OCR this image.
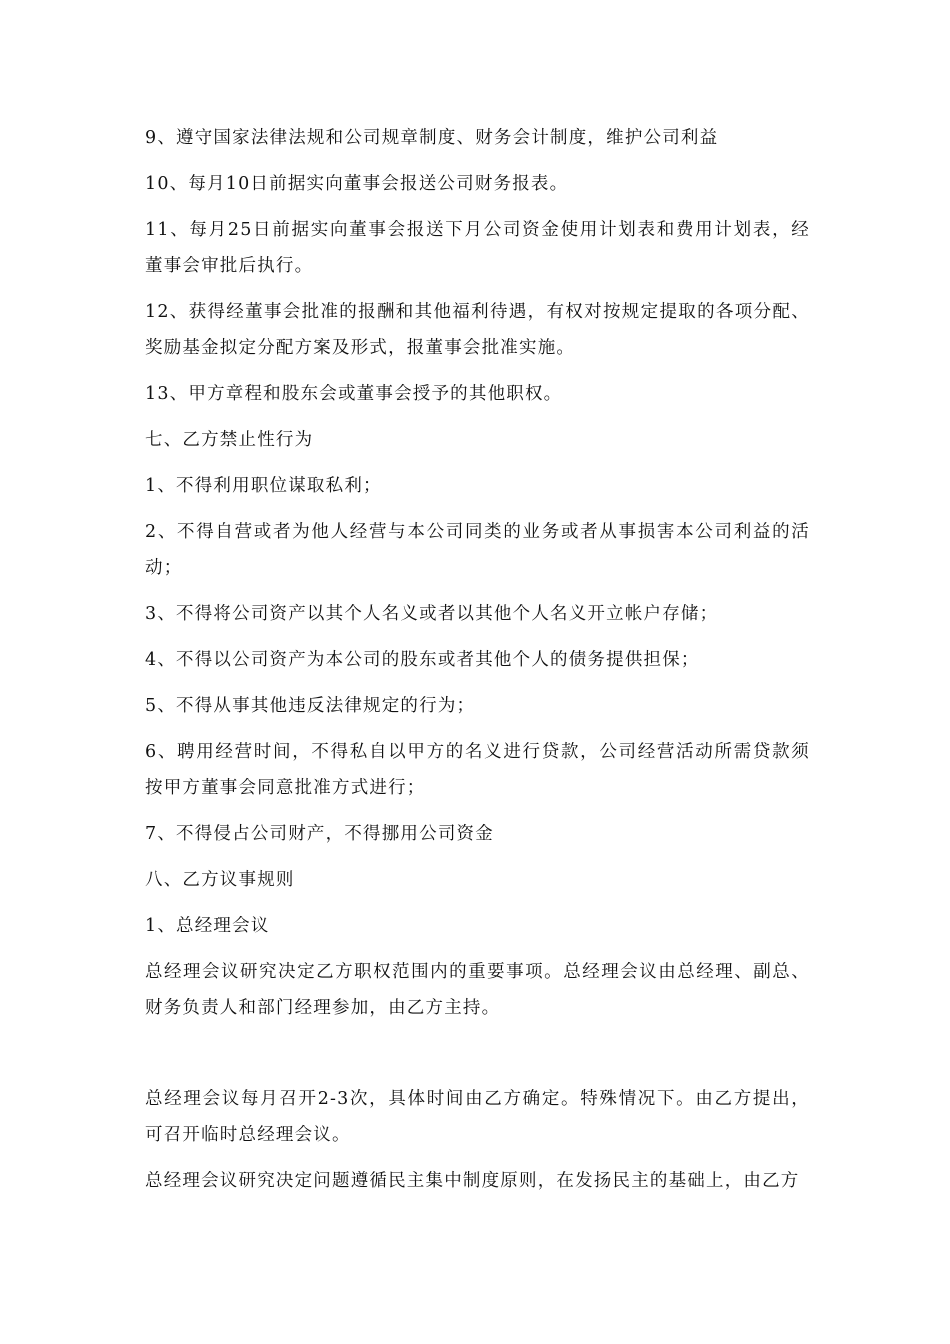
9、遵守国家法律法规和公司规章制度、财务会计制度，维护公司利益

10、每月10日前据实向董事会报送公司财务报表。

11、每月25日前据实向董事会报送下月公司资金使用计划表和费用计划表，经董事会审批后执行。

12、获得经董事会批准的报酬和其他福利待遇，有权对按规定提取的各项分配、奖励基金拟定分配方案及形式，报董事会批准实施。

13、甲方章程和股东会或董事会授予的其他职权。

七、乙方禁止性行为

1、不得利用职位谋取私利；

2、不得自营或者为他人经营与本公司同类的业务或者从事损害本公司利益的活动；

3、不得将公司资产以其个人名义或者以其他个人名义开立帐户存储；

4、不得以公司资产为本公司的股东或者其他个人的债务提供担保；

5、不得从事其他违反法律规定的行为；

6、聘用经营时间，不得私自以甲方的名义进行贷款，公司经营活动所需贷款须按甲方董事会同意批准方式进行；

7、不得侵占公司财产，不得挪用公司资金

八、乙方议事规则

1、总经理会议

总经理会议研究决定乙方职权范围内的重要事项。总经理会议由总经理、副总、财务负责人和部门经理参加，由乙方主持。

总经理会议每月召开2-3次，具体时间由乙方确定。特殊情况下。由乙方提出，可召开临时总经理会议。

总经理会议研究决定问题遵循民主集中制度原则，在发扬民主的基础上，由乙方
